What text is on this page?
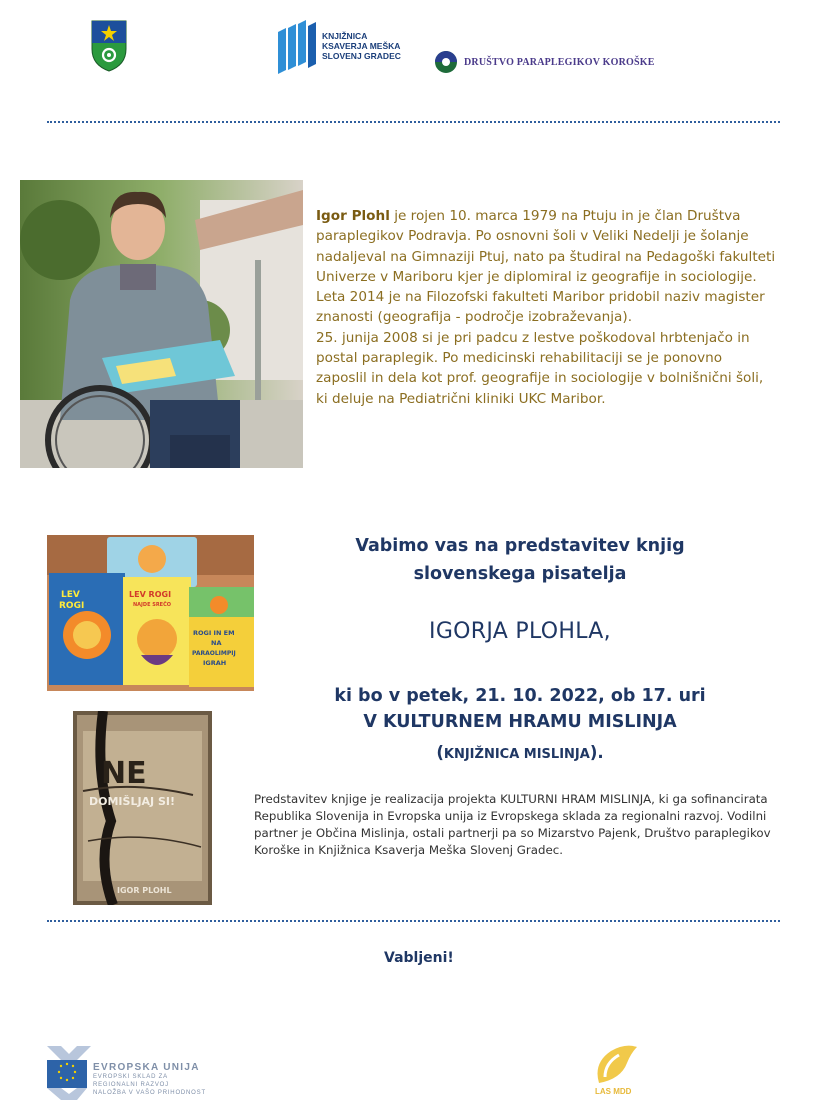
KNJIŽNICA
KSAVERJA MEŠKA
SLOVENJ GRADEC
DRUŠTVO PARAPLEGIKOV KOROŠKE

Igor Plohl je rojen 10. marca 1979 na Ptuju in je član Društva paraplegikov Podravja. Po osnovni šoli v Veliki Nedelji je šolanje nadaljeval na Gimnaziji Ptuj, nato pa študiral na Pedagoški fakulteti Univerze v Mariboru kjer je diplomiral iz geografije in sociologije. Leta 2014 je na Filozofski fakulteti Maribor pridobil naziv magister znanosti (geografija - področje izobraževanja).

25. junija 2008 si je pri padcu z lestve poškodoval hrbtenjačo in postal paraplegik. Po medicinski rehabilitaciji se je ponovno zaposlil in dela kot prof. geografije in sociologije v bolnišnični šoli, ki deluje na Pediatrični kliniki UKC Maribor.

LEV
ROGI
LEV ROGI
NAJDE SREČO
ROGI IN EM
NA
PARAOLIMPIJ
IGRAH
NE
DOMIŠLJAJ SI!
IGOR PLOHL
Vabimo vas na predstavitev knjig
slovenskega pisatelja
IGORJA PLOHLA,
ki bo v petek, 21. 10. 2022, ob 17. uri
V KULTURNEM HRAMU MISLINJA
(KNJIŽNICA MISLINJA).
Predstavitev knjige je realizacija projekta KULTURNI HRAM MISLINJA, ki ga sofinancirata Republika Slovenija in Evropska unija iz Evropskega sklada za regionalni razvoj. Vodilni partner je Občina Mislinja, ostali partnerji pa so Mizarstvo Pajenk, Društvo paraplegikov Koroške in Knjižnica Ksaverja Meška Slovenj Gradec.
Vabljeni!
EVROPSKA UNIJA
EVROPSKI SKLAD ZA
REGIONALNI RAZVOJ
NALOŽBA V VAŠO PRIHODNOST	LAS MDD
